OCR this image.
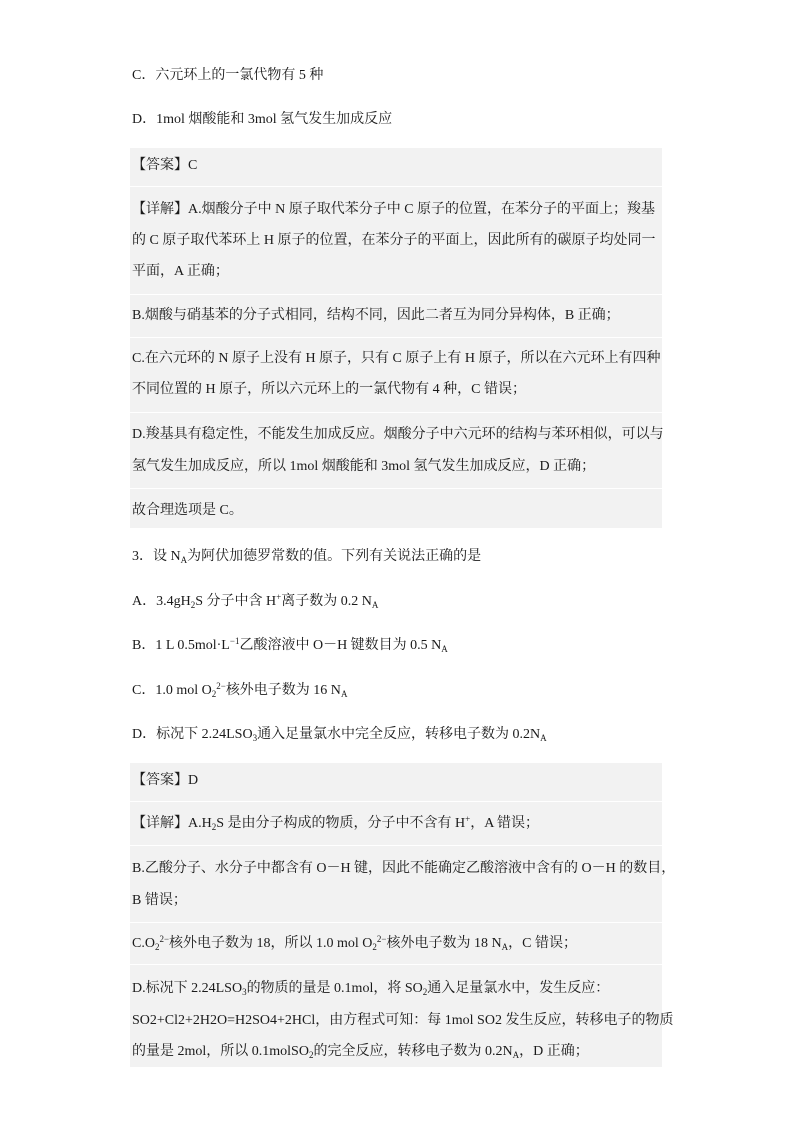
C．六元环上的一氯代物有 5 种
D．1mol 烟酸能和 3mol 氢气发生加成反应
【答案】C
【详解】A.烟酸分子中 N 原子取代苯分子中 C 原子的位置，在苯分子的平面上；羧基
的 C 原子取代苯环上 H 原子的位置，在苯分子的平面上，因此所有的碳原子均处同一
平面，A 正确；
B.烟酸与硝基苯的分子式相同，结构不同，因此二者互为同分异构体，B 正确；
C.在六元环的 N 原子上没有 H 原子，只有 C 原子上有 H 原子，所以在六元环上有四种
不同位置的 H 原子，所以六元环上的一氯代物有 4 种，C 错误；
D.羧基具有稳定性，不能发生加成反应。烟酸分子中六元环的结构与苯环相似，可以与
氢气发生加成反应，所以 1mol 烟酸能和 3mol 氢气发生加成反应，D 正确；
故合理选项是 C。
3．设 $N_A$为阿伏加德罗常数的值。下列有关说法正确的是
A．$3.4gH_2S$ 分子中含 H+离子数为 0.2 $N_A$
B．1 L $0.5mol\cdot L^{-1}$乙酸溶液中 O－H 键数目为 0.5 $N_A$
C．1.0 mol $O_2^{2-}$核外电子数为 16 $N_A$
D．标况下 $2.24LSO_3$通入足量氯水中完全反应，转移电子数为 $0.2N_A$
【答案】D
【详解】$A.H_2S$ 是由分子构成的物质，分子中不含有 H+，A 错误；
B.乙酸分子、水分子中都含有 O－H 键，因此不能确定乙酸溶液中含有的 O－H 的数目，
B 错误；
$C.O_2^{2-}$核外电子数为 18，所以 1.0 mol $O_2^{2-}$核外电子数为 18 $N_A$，C 错误；
D.标况下 $2.24LSO_3$的物质的量是 0.1mol，将 $SO_2$通入足量氯水中，发生反应：
SO2+Cl2+2H2O=H2SO4+2HCl，由方程式可知：每 1mol SO2 发生反应，转移电子的物质
的量是 2mol，所以 0.1molSO$_2$的完全反应，转移电子数为 $0.2N_A$，D 正确；
